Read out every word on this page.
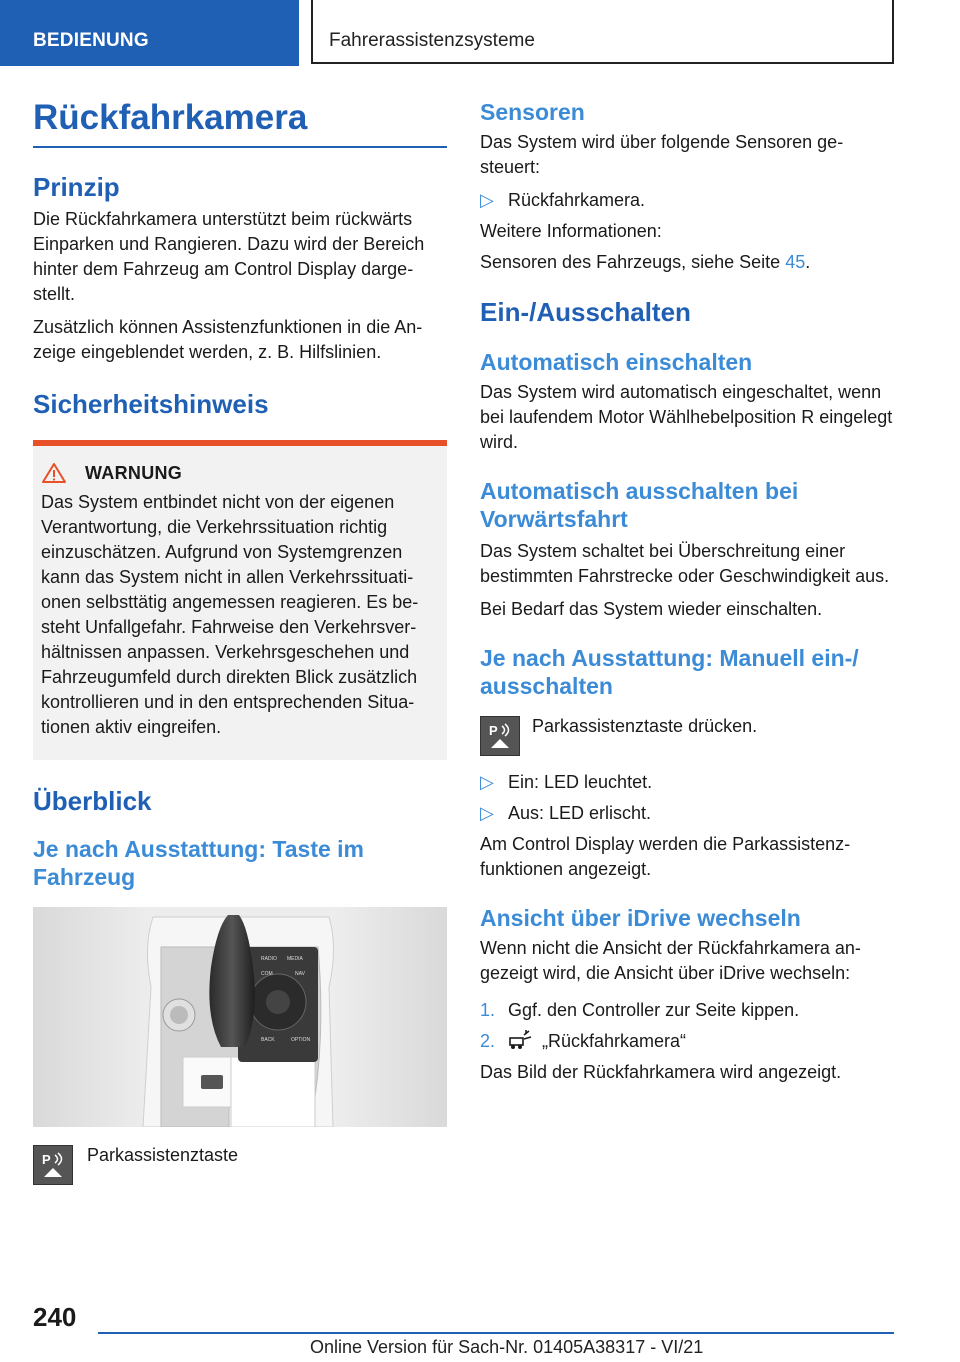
BEDIENUNG	Fahrerassistenzsysteme
Rückfahrkamera
Prinzip

Die Rückfahrkamera unterstützt beim rückwärts Einparken und Rangieren. Dazu wird der Bereich hinter dem Fahrzeug am Control Display dargestellt.

Zusätzlich können Assistenzfunktionen in die Anzeige eingeblendet werden, z. B. Hilfslinien.

Sicherheitshinweis
WARNUNG

Das System entbindet nicht von der eigenen Verantwortung, die Verkehrssituation richtig einzuschätzen. Aufgrund von Systemgrenzen kann das System nicht in allen Verkehrssituationen selbsttätig angemessen reagieren. Es besteht Unfallgefahr. Fahrweise den Verkehrsverhältnissen anpassen. Verkehrsgeschehen und Fahrzeugumfeld durch direkten Blick zusätzlich kontrollieren und in den entsprechenden Situationen aktiv eingreifen.

Überblick
Je nach Ausstattung: Taste im Fahrzeug
RADIO MEDIA
COM	NAV
BACK	OPTION
P Parkassistenztaste

Sensoren

Das System wird über folgende Sensoren gesteuert:

▷ Rückfahrkamera.

Weitere Informationen:

Sensoren des Fahrzeugs, siehe Seite 45.

Ein-/Ausschalten
Automatisch einschalten

Das System wird automatisch eingeschaltet, wenn bei laufendem Motor Wählhebelposition R eingelegt wird.

Automatisch ausschalten bei Vorwärtsfahrt

Das System schaltet bei Überschreitung einer bestimmten Fahrstrecke oder Geschwindigkeit aus.

Bei Bedarf das System wieder einschalten.

Je nach Ausstattung: Manuell ein-/ ausschalten
P Parkassistenztaste drücken.

▷ Ein: LED leuchtet.
▷ Aus: LED erlischt.

Am Control Display werden die Parkassistenzfunktionen angezeigt.

Ansicht über iDrive wechseln

Wenn nicht die Ansicht der Rückfahrkamera angezeigt wird, die Ansicht über iDrive wechseln:

1. Ggf. den Controller zur Seite kippen.
2.	„Rückfahrkamera“

Das Bild der Rückfahrkamera wird angezeigt.

240
Online Version für Sach-Nr. 01405A38317 - VI/21
